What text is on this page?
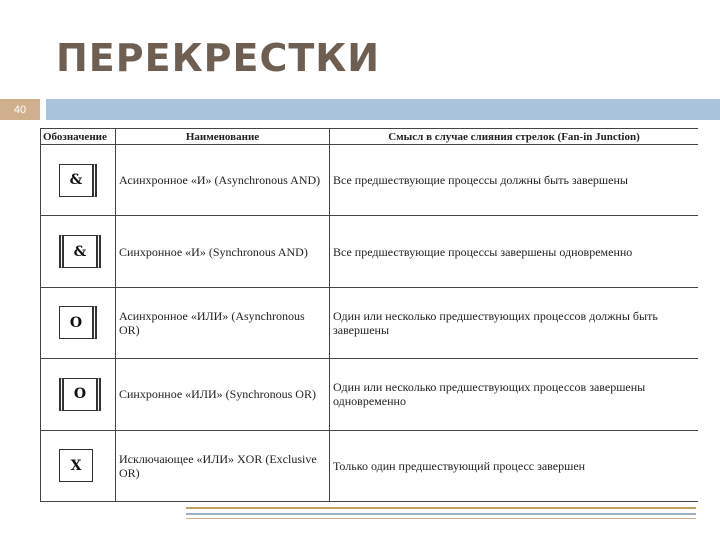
ПЕРЕКРЕСТКИ
40
Обозначение	Наименование	Смысл в случае слияния стрелок (Fan-in Junction)

&	Асинхронное «И» (Asynchronous AND)	Все предшествующие процессы должны быть завершены

&	Синхронное «И» (Synchronous AND)	Все предшествующие процессы завершены одновременно

O	Асинхронное «ИЛИ» (Asynchronous OR)	Один или несколько предшествующих процессов должны быть завершены

O	Синхронное «ИЛИ» (Synchronous OR)	Один или несколько предшествующих процессов завершены одновременно

X	Исключающее «ИЛИ» XOR (Exclusive OR)	Только один предшествующий процесс завершен
